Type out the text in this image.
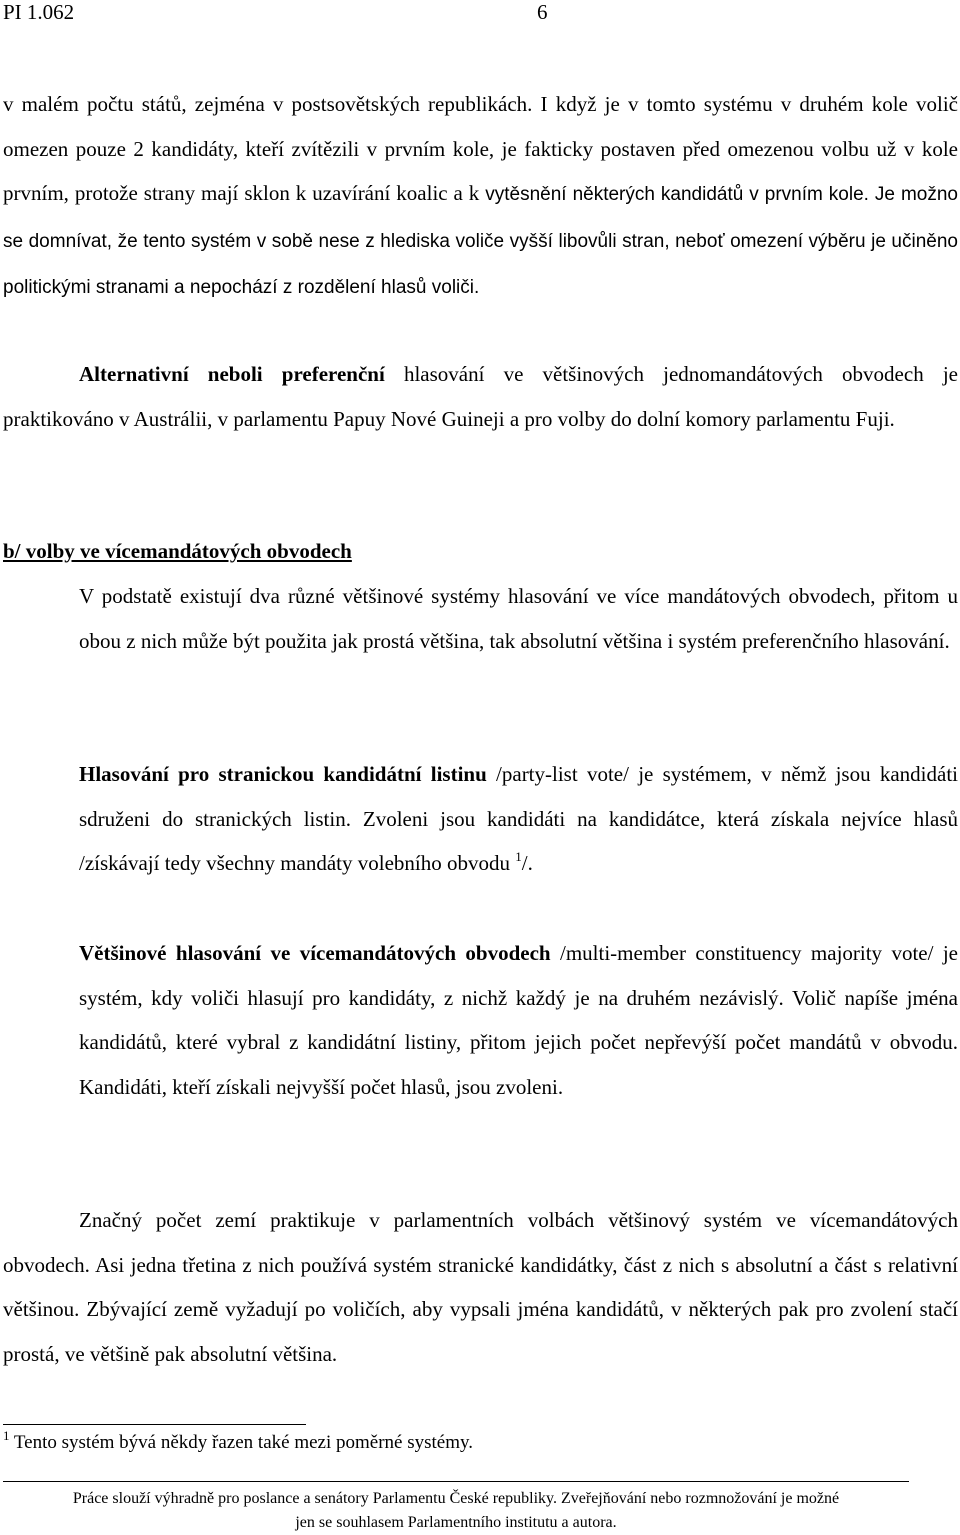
PI 1.062	6
v malém počtu států, zejména v postsovětských republikách. I když je v tomto systému v druhém kole volič omezen pouze 2 kandidáty, kteří zvítězili v prvním kole, je fakticky postaven před omezenou volbu už v kole prvním, protože strany mají sklon k uzavírání koalic a k vytěsnění některých kandidátů v prvním kole. Je možno se domnívat, že tento systém v sobě nese z hlediska voliče vyšší libovůli stran, neboť omezení výběru je učiněno politickými stranami a nepochází z rozdělení hlasů voliči.
Alternativní neboli preferenční hlasování ve většinových jednomandátových obvodech je praktikováno v Austrálii, v parlamentu Papuy Nové Guineji a pro volby do dolní komory parlamentu Fuji.
b/ volby ve vícemandátových obvodech
V podstatě existují dva různé většinové systémy hlasování ve více mandátových obvodech, přitom u obou z nich může být použita jak prostá většina, tak absolutní většina i systém preferenčního hlasování.
Hlasování pro stranickou kandidátní listinu /party-list vote/ je systémem, v němž jsou kandidáti sdruženi do stranických listin. Zvoleni jsou kandidáti na kandidátce, která získala nejvíce hlasů /získávají tedy všechny mandáty volebního obvodu $^1$/.
Většinové hlasování ve vícemandátových obvodech /multi-member constituency majority vote/ je systém, kdy voliči hlasují pro kandidáty, z nichž každý je na druhém nezávislý. Volič napíše jména kandidátů, které vybral z kandidátní listiny, přitom jejich počet nepřevýší počet mandátů v obvodu. Kandidáti, kteří získali nejvyšší počet hlasů, jsou zvoleni.
Značný počet zemí praktikuje v parlamentních volbách většinový systém ve vícemandátových obvodech. Asi jedna třetina z nich používá systém stranické kandidátky, část z nich s absolutní a část s relativní většinou. Zbývající země vyžadují po voličích, aby vypsali jména kandidátů, v některých pak pro zvolení stačí prostá, ve většině pak absolutní většina.
$^1$ Tento systém bývá někdy řazen také mezi poměrné systémy.
Práce slouží výhradně pro poslance a senátory Parlamentu České republiky. Zveřejňování nebo rozmnožování je možné
jen se souhlasem Parlamentního institutu a autora.
